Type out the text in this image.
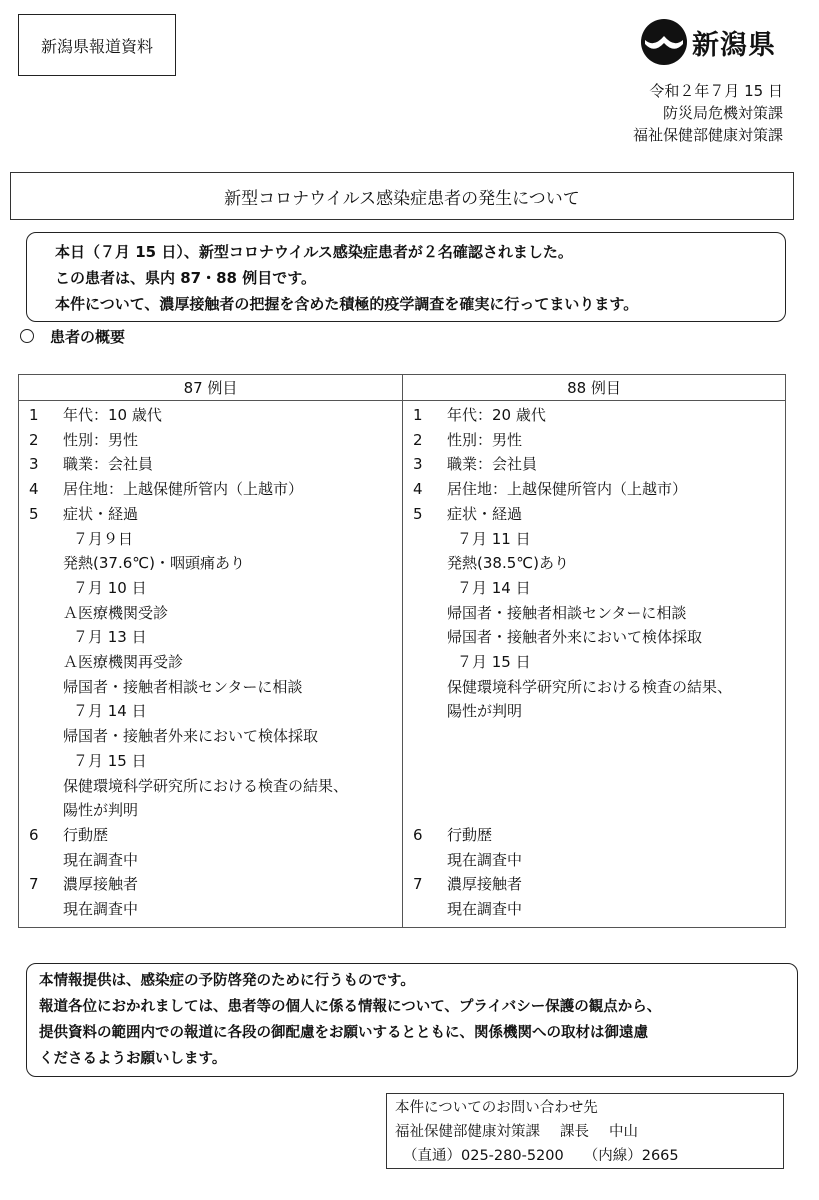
新潟県報道資料	新潟県
令和２年７月 15 日
防災局危機対策課
福祉保健部健康対策課
新型コロナウイルス感染症患者の発生について
本日（７月 15 日）、新型コロナウイルス感染症患者が２名確認されました。
この患者は、県内 87・88 例目です。
本件について、濃厚接触者の把握を含めた積極的疫学調査を確実に行ってまいります。
患者の概要
87 例目
1	年代：10 歳代
2	性別：男性
3	職業：会社員
4	居住地：上越保健所管内（上越市）
5	症状・経過
７月９日
発熱(37.6℃)・咽頭痛あり
７月 10 日
Ａ医療機関受診
７月 13 日
Ａ医療機関再受診
帰国者・接触者相談センターに相談
７月 14 日
帰国者・接触者外来において検体採取
７月 15 日
保健環境科学研究所における検査の結果、
陽性が判明
6	行動歴
現在調査中
7	濃厚接触者
現在調査中
88 例目
1	年代：20 歳代
2	性別：男性
3	職業：会社員
4	居住地：上越保健所管内（上越市）
5	症状・経過
７月 11 日
発熱(38.5℃)あり
７月 14 日
帰国者・接触者相談センターに相談
帰国者・接触者外来において検体採取
７月 15 日
保健環境科学研究所における検査の結果、
陽性が判明

6	行動歴
現在調査中
7	濃厚接触者
現在調査中
本情報提供は、感染症の予防啓発のために行うものです。
報道各位におかれましては、患者等の個人に係る情報について、プライバシー保護の観点から、
提供資料の範囲内での報道に各段の御配慮をお願いするとともに、関係機関への取材は御遠慮
くださるようお願いします。
本件についてのお問い合わせ先
福祉保健部健康対策課 課長 中山
（直通）025-280-5200 （内線）2665
